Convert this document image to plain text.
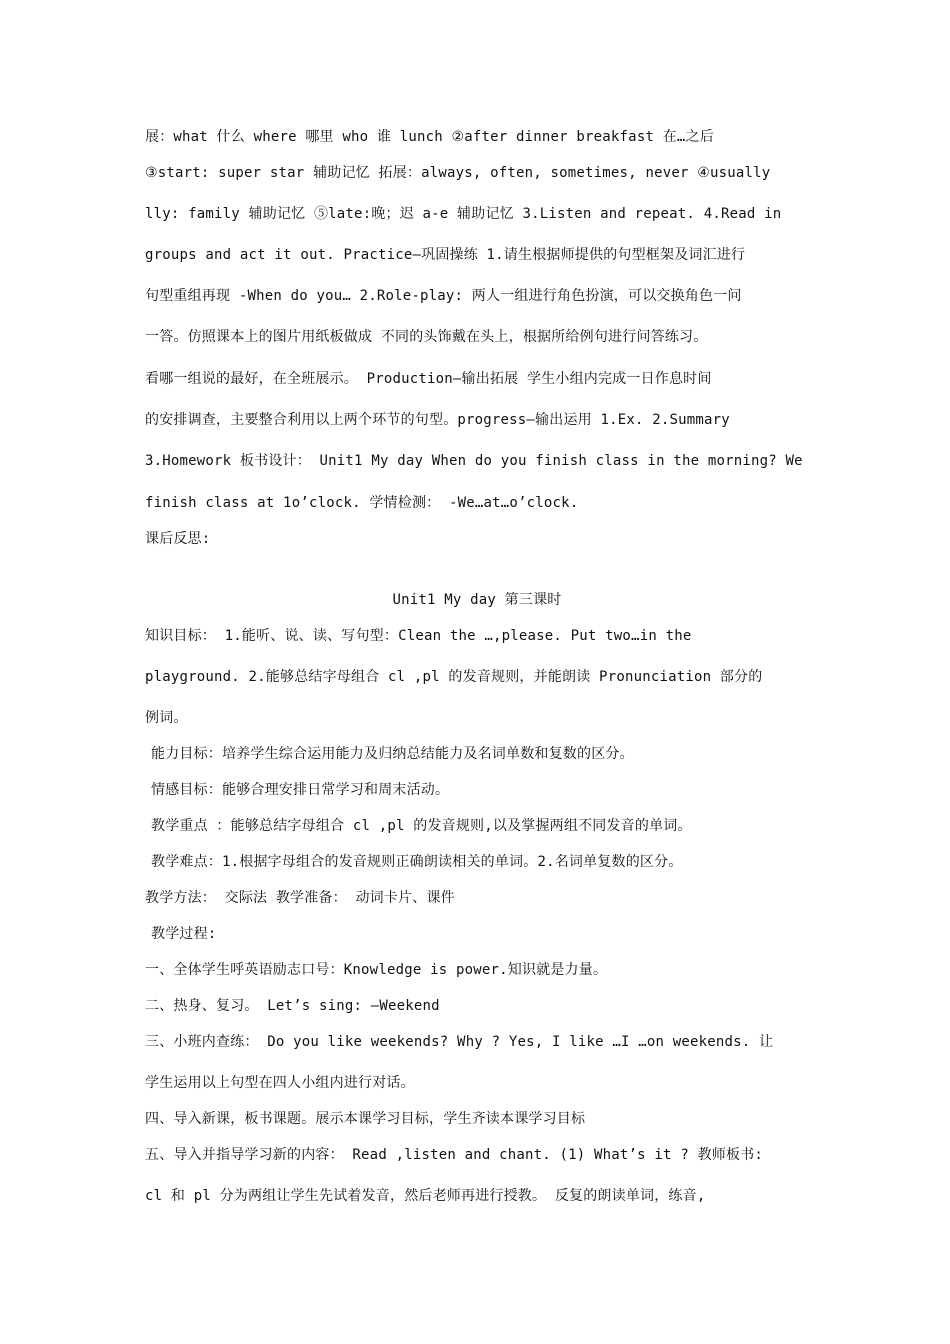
展：what 什么 where 哪里 who 谁 lunch ②after dinner breakfast 在…之后
③start: super star 辅助记忆 拓展：always, often, sometimes, never ④usually
lly: family 辅助记忆 ⑤late:晚；迟 a-e 辅助记忆 3.Listen and repeat. 4.Read in
groups and act it out. Practice—巩固操练 1.请生根据师提供的句型框架及词汇进行
句型重组再现 -When do you… 2.Role-play: 两人一组进行角色扮演，可以交换角色一问
一答。仿照课本上的图片用纸板做成 不同的头饰戴在头上，根据所给例句进行问答练习。
看哪一组说的最好，在全班展示。 Production—输出拓展 学生小组内完成一日作息时间
的安排调查，主要整合利用以上两个环节的句型。progress—输出运用 1.Ex. 2.Summary
3.Homework 板书设计： Unit1 My day When do you finish class in the morning? We
finish class at 1o’clock. 学情检测： -We…at…o’clock.
课后反思:
Unit1 My day 第三课时
知识目标： 1.能听、说、读、写句型：Clean the …,please. Put two…in the
playground. 2.能够总结字母组合 cl ,pl 的发音规则，并能朗读 Pronunciation 部分的
例词。
能力目标：培养学生综合运用能力及归纳总结能力及名词单数和复数的区分。
情感目标：能够合理安排日常学习和周末活动。
教学重点 ：能够总结字母组合 cl ,pl 的发音规则,以及掌握两组不同发音的单词。
教学难点：1.根据字母组合的发音规则正确朗读相关的单词。2.名词单复数的区分。
教学方法： 交际法 教学准备： 动词卡片、课件
教学过程:
一、全体学生呼英语励志口号：Knowledge is power.知识就是力量。
二、热身、复习。 Let’s sing: —Weekend
三、小班内查练： Do you like weekends? Why ? Yes, I like …I …on weekends. 让
学生运用以上句型在四人小组内进行对话。
四、导入新课，板书课题。展示本课学习目标，学生齐读本课学习目标
五、导入并指导学习新的内容： Read ,listen and chant. (1) What’s it ? 教师板书:
cl 和 pl 分为两组让学生先试着发音，然后老师再进行授教。 反复的朗读单词，练音,
